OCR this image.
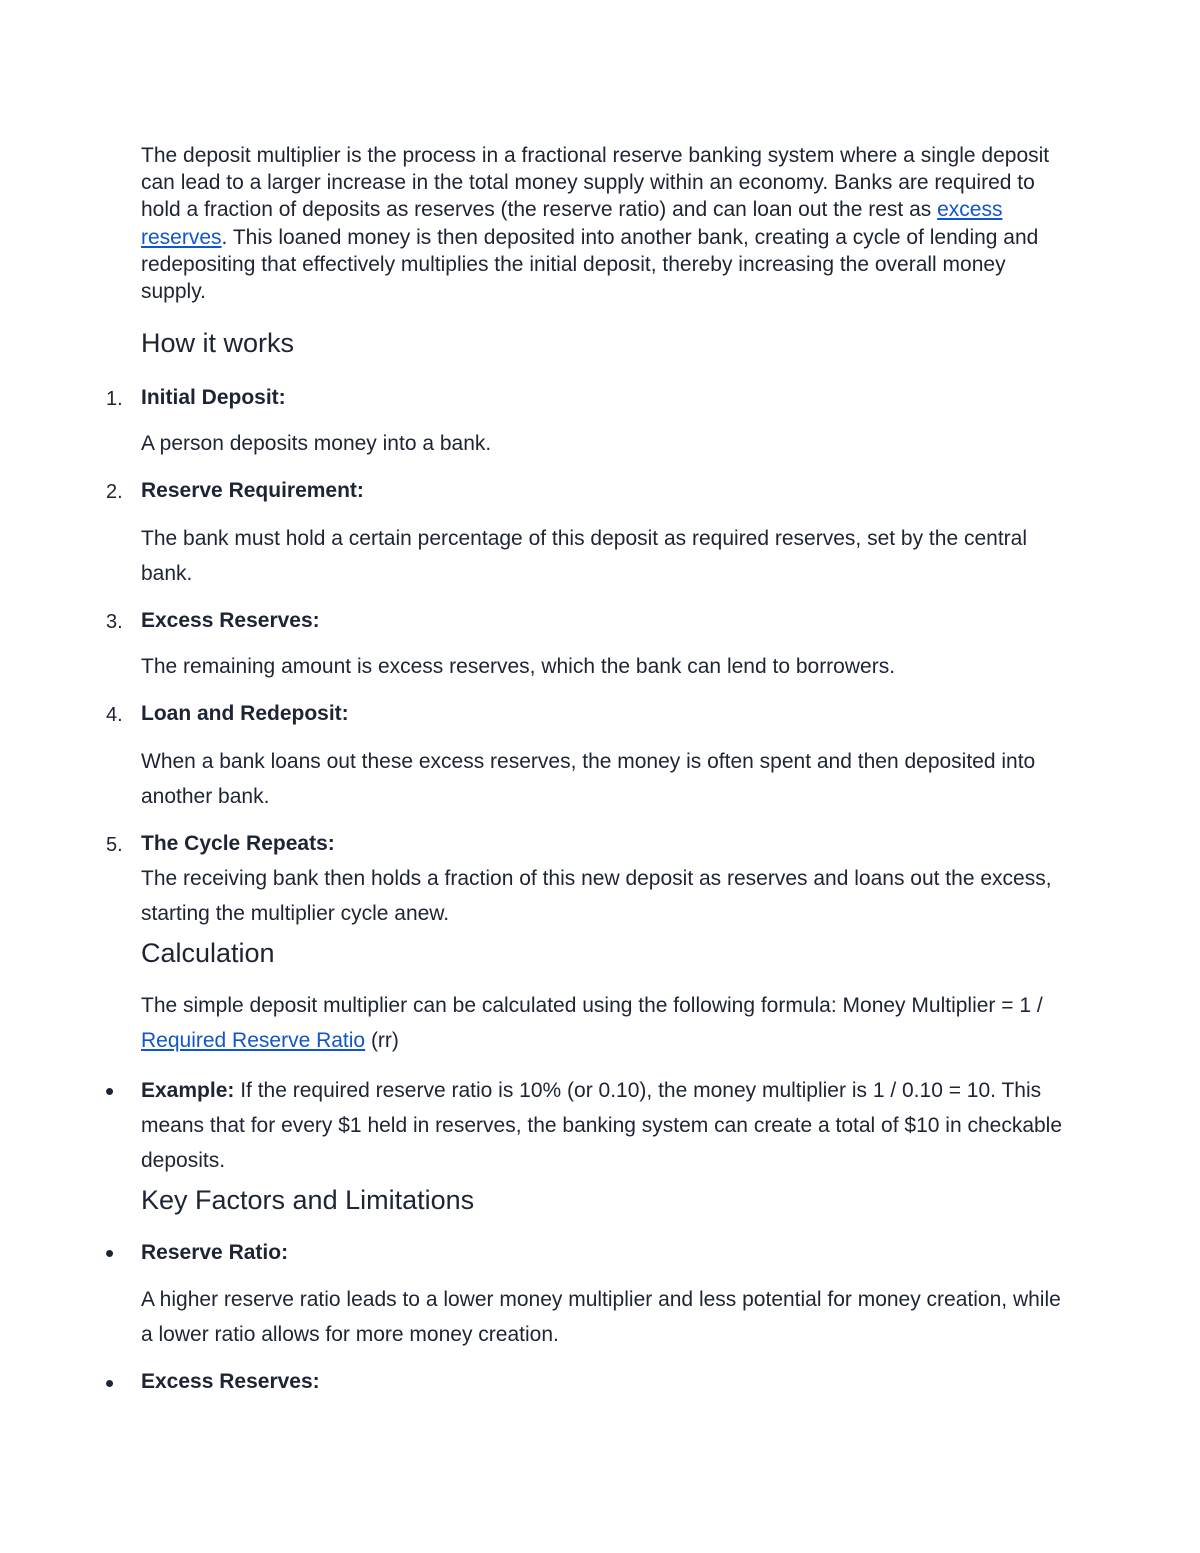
The deposit multiplier is the process in a fractional reserve banking system where a single deposit can lead to a larger increase in the total money supply within an economy. Banks are required to hold a fraction of deposits as reserves (the reserve ratio) and can loan out the rest as excess reserves. This loaned money is then deposited into another bank, creating a cycle of lending and redepositing that effectively multiplies the initial deposit, thereby increasing the overall money supply.

How it works
1. Initial Deposit:

A person deposits money into a bank.

2. Reserve Requirement:

The bank must hold a certain percentage of this deposit as required reserves, set by the central bank.

3. Excess Reserves:

The remaining amount is excess reserves, which the bank can lend to borrowers.

4. Loan and Redeposit:

When a bank loans out these excess reserves, the money is often spent and then deposited into another bank.

5. The Cycle Repeats:

The receiving bank then holds a fraction of this new deposit as reserves and loans out the excess, starting the multiplier cycle anew.

Calculation

The simple deposit multiplier can be calculated using the following formula: Money Multiplier = 1 / Required Reserve Ratio (rr)

• Example: If the required reserve ratio is 10% (or 0.10), the money multiplier is 1 / 0.10 = 10. This means that for every $1 held in reserves, the banking system can create a total of $10 in checkable deposits.

Key Factors and Limitations
• Reserve Ratio:

A higher reserve ratio leads to a lower money multiplier and less potential for money creation, while a lower ratio allows for more money creation.

• Excess Reserves:
